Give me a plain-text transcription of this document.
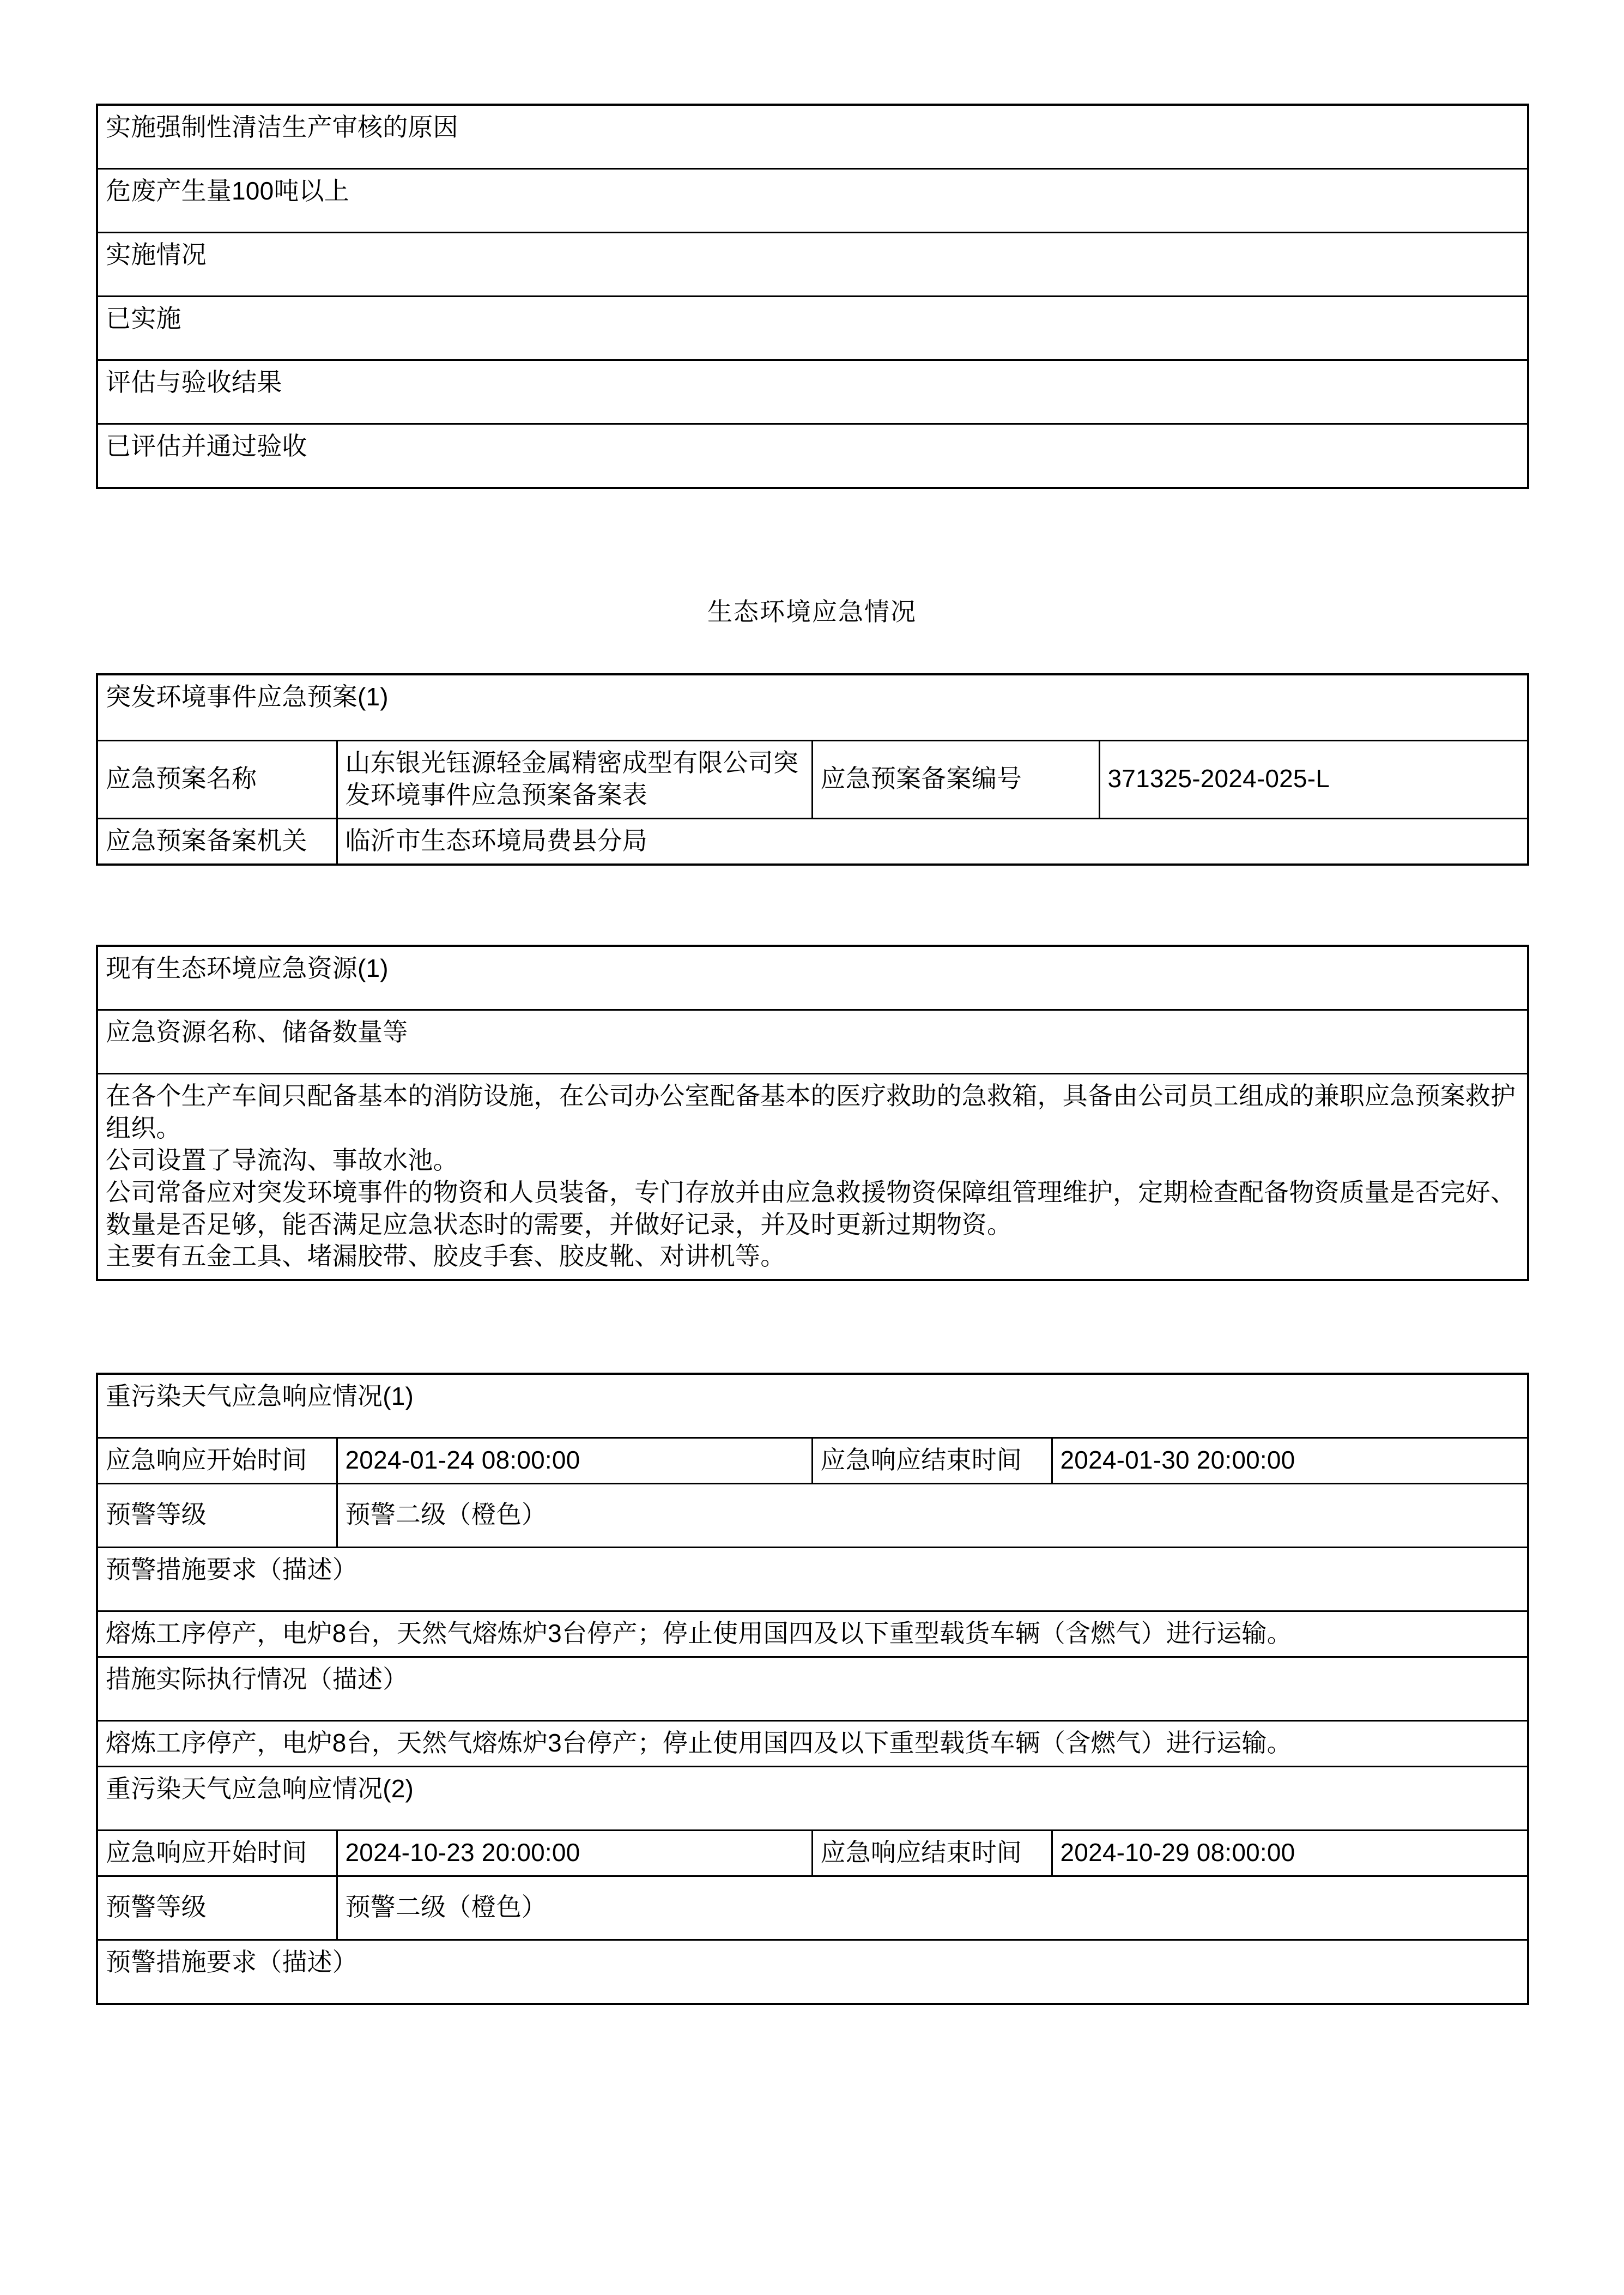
实施强制性清洁生产审核的原因
危废产生量100吨以上
实施情况
已实施
评估与验收结果
已评估并通过验收
生态环境应急情况
突发环境事件应急预案(1)			
应急预案名称	山东银光钰源轻金属精密成型有限公司突发环境事件应急预案备案表	应急预案备案编号	371325-2024-025-L
应急预案备案机关	临沂市生态环境局费县分局		
现有生态环境应急资源(1)
应急资源名称、储备数量等

在各个生产车间只配备基本的消防设施，在公司办公室配备基本的医疗救助的急救箱，具备由公司员工组成的兼职应急预案救护组织。

公司设置了导流沟、事故水池。

公司常备应对突发环境事件的物资和人员装备，专门存放并由应急救援物资保障组管理维护，定期检查配备物资质量是否完好、数量是否足够，能否满足应急状态时的需要，并做好记录，并及时更新过期物资。

主要有五金工具、堵漏胶带、胶皮手套、胶皮靴、对讲机等。

重污染天气应急响应情况(1)			
应急响应开始时间	2024-01-24 08:00:00	应急响应结束时间	2024-01-30 20:00:00
预警等级	预警二级（橙色）		
预警措施要求（描述）			
熔炼工序停产，电炉8台，天然气熔炼炉3台停产；停止使用国四及以下重型载货车辆（含燃气）进行运输。			
措施实际执行情况（描述）			
熔炼工序停产，电炉8台，天然气熔炼炉3台停产；停止使用国四及以下重型载货车辆（含燃气）进行运输。			
重污染天气应急响应情况(2)			
应急响应开始时间	2024-10-23 20:00:00	应急响应结束时间	2024-10-29 08:00:00
预警等级	预警二级（橙色）		
预警措施要求（描述）			
